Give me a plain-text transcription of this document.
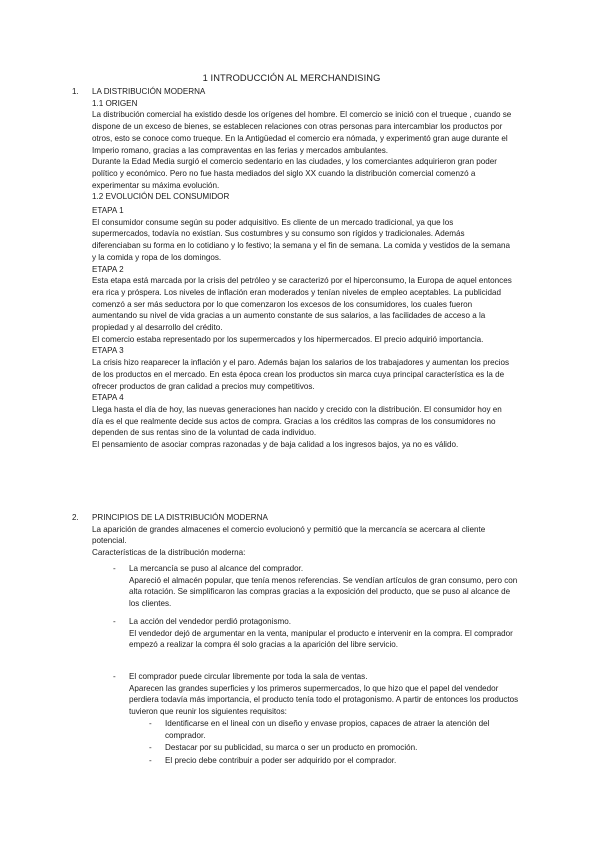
1 INTRODUCCIÓN AL MERCHANDISING
1. LA DISTRIBUCIÓN MODERNA

1.1 ORIGEN

La distribución comercial ha existido desde los orígenes del hombre. El comercio se inició con el trueque , cuando se dispone de un exceso de bienes, se establecen relaciones con otras personas para intercambiar los productos por otros, esto se conoce como trueque. En la Antigüedad el comercio era nómada, y experimentó gran auge durante el Imperio romano, gracias a las compraventas en las ferias y mercados ambulantes.

Durante la Edad Media surgió el comercio sedentario en las ciudades, y los comerciantes adquirieron gran poder político y económico. Pero no fue hasta mediados del siglo XX cuando la distribución comercial comenzó a experimentar su máxima evolución.

1.2 EVOLUCIÓN DEL CONSUMIDOR

ETAPA 1

El consumidor consume según su poder adquisitivo. Es cliente de un mercado tradicional, ya que los supermercados, todavía no existían. Sus costumbres y su consumo son rígidos y tradicionales. Además diferenciaban su forma en lo cotidiano y lo festivo; la semana y el fin de semana. La comida y vestidos de la semana y la comida y ropa de los domingos.

ETAPA 2

Esta etapa está marcada por la crisis del petróleo y se caracterizó por el hiperconsumo, la Europa de aquel entonces era rica y próspera. Los niveles de inflación eran moderados y tenían niveles de empleo aceptables. La publicidad comenzó a ser más seductora por lo que comenzaron los excesos de los consumidores, los cuales fueron aumentando su nivel de vida gracias a un aumento constante de sus salarios, a las facilidades de acceso a la propiedad y al desarrollo del crédito.

El comercio estaba representado por los supermercados y los hipermercados. El precio adquirió importancia.

ETAPA 3

La crisis hizo reaparecer la inflación y el paro. Además bajan los salarios de los trabajadores y aumentan los precios de los productos en el mercado. En esta época crean los productos sin marca cuya principal característica es la de ofrecer productos de gran calidad a precios muy competitivos.

ETAPA 4

Llega hasta el día de hoy, las nuevas generaciones han nacido y crecido con la distribución. El consumidor hoy en día es el que realmente decide sus actos de compra. Gracias a los créditos las compras de los consumidores no dependen de sus rentas sino de la voluntad de cada individuo.

El pensamiento de asociar compras razonadas y de baja calidad a los ingresos bajos, ya no es válido.

2. PRINCIPIOS DE LA DISTRIBUCIÓN MODERNA

La aparición de grandes almacenes el comercio evolucionó y permitió que la mercancía se acercara al cliente potencial.

Características de la distribución moderna:

- La mercancía se puso al alcance del comprador.

Apareció el almacén popular, que tenía menos referencias. Se vendían artículos de gran consumo, pero con alta rotación. Se simplificaron las compras gracias a la exposición del producto, que se puso al alcance de los clientes.

- La acción del vendedor perdió protagonismo.

El vendedor dejó de argumentar en la venta, manipular el producto e intervenir en la compra. El comprador empezó a realizar la compra él solo gracias a la aparición del libre servicio.

- El comprador puede circular libremente por toda la sala de ventas.

Aparecen las grandes superficies y los primeros supermercados, lo que hizo que el papel del vendedor perdiera todavía más importancia, el producto tenía todo el protagonismo. A partir de entonces los productos tuvieron que reunir los siguientes requisitos:

- Identificarse en el lineal con un diseño y envase propios, capaces de atraer la atención del comprador.
- Destacar por su publicidad, su marca o ser un producto en promoción.
- El precio debe contribuir a poder ser adquirido por el comprador.
